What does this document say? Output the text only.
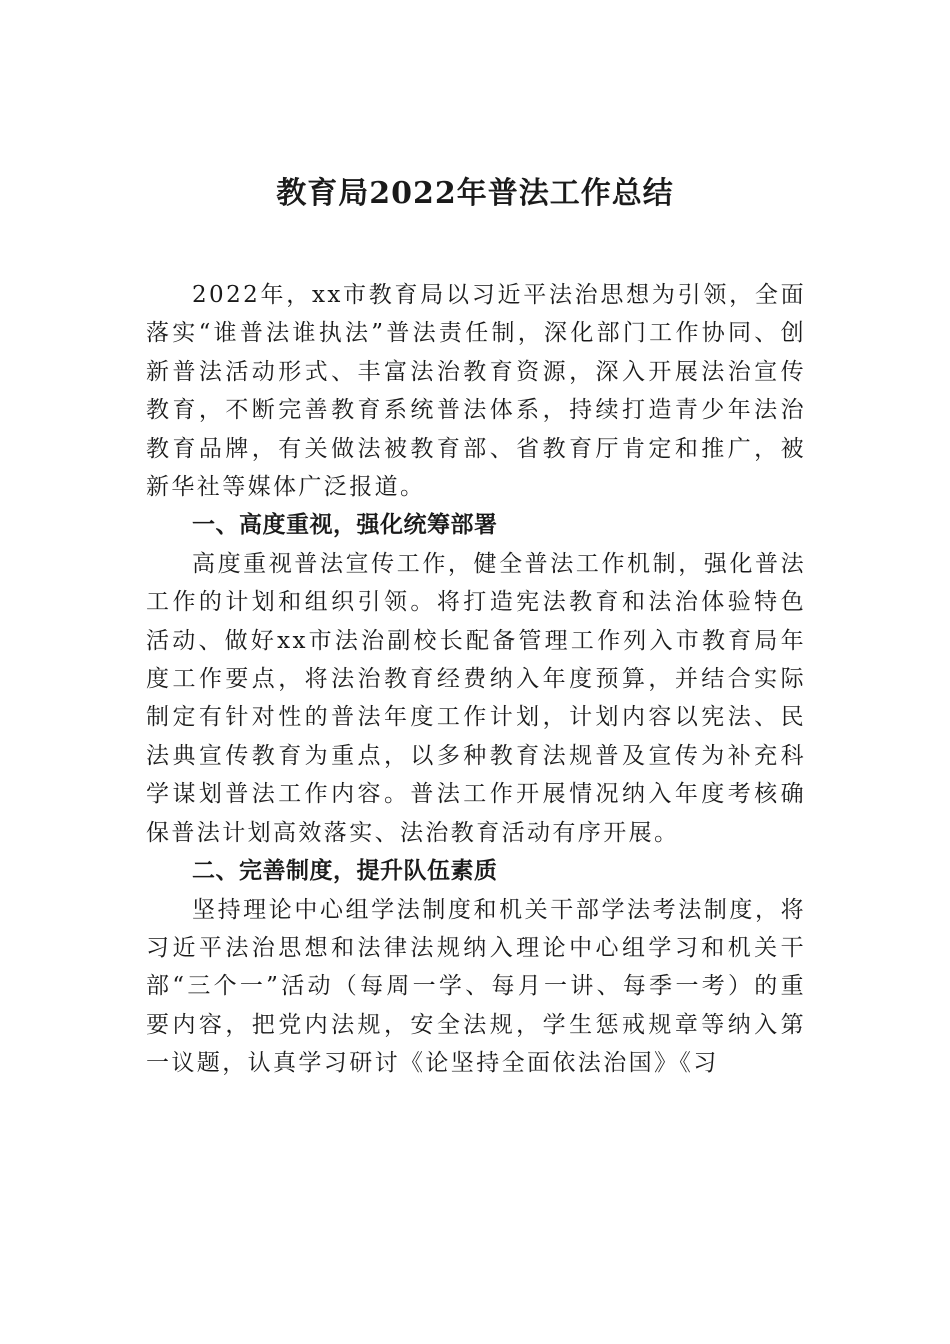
教育局2022年普法工作总结

2022年，xx市教育局以习近平法治思想为引领，全面落实“谁普法谁执法”普法责任制，深化部门工作协同、创新普法活动形式、丰富法治教育资源，深入开展法治宣传教育，不断完善教育系统普法体系，持续打造青少年法治教育品牌，有关做法被教育部、省教育厅肯定和推广，被新华社等媒体广泛报道。

一、高度重视，强化统筹部署

高度重视普法宣传工作，健全普法工作机制，强化普法工作的计划和组织引领。将打造宪法教育和法治体验特色活动、做好xx市法治副校长配备管理工作列入市教育局年度工作要点，将法治教育经费纳入年度预算，并结合实际制定有针对性的普法年度工作计划，计划内容以宪法、民法典宣传教育为重点，以多种教育法规普及宣传为补充科学谋划普法工作内容。普法工作开展情况纳入年度考核确保普法计划高效落实、法治教育活动有序开展。

二、完善制度，提升队伍素质

坚持理论中心组学法制度和机关干部学法考法制度，将习近平法治思想和法律法规纳入理论中心组学习和机关干部“三个一”活动（每周一学、每月一讲、每季一考）的重要内容，把党内法规，安全法规，学生惩戒规章等纳入第一议题，认真学习研讨《论坚持全面依法治国》《习
